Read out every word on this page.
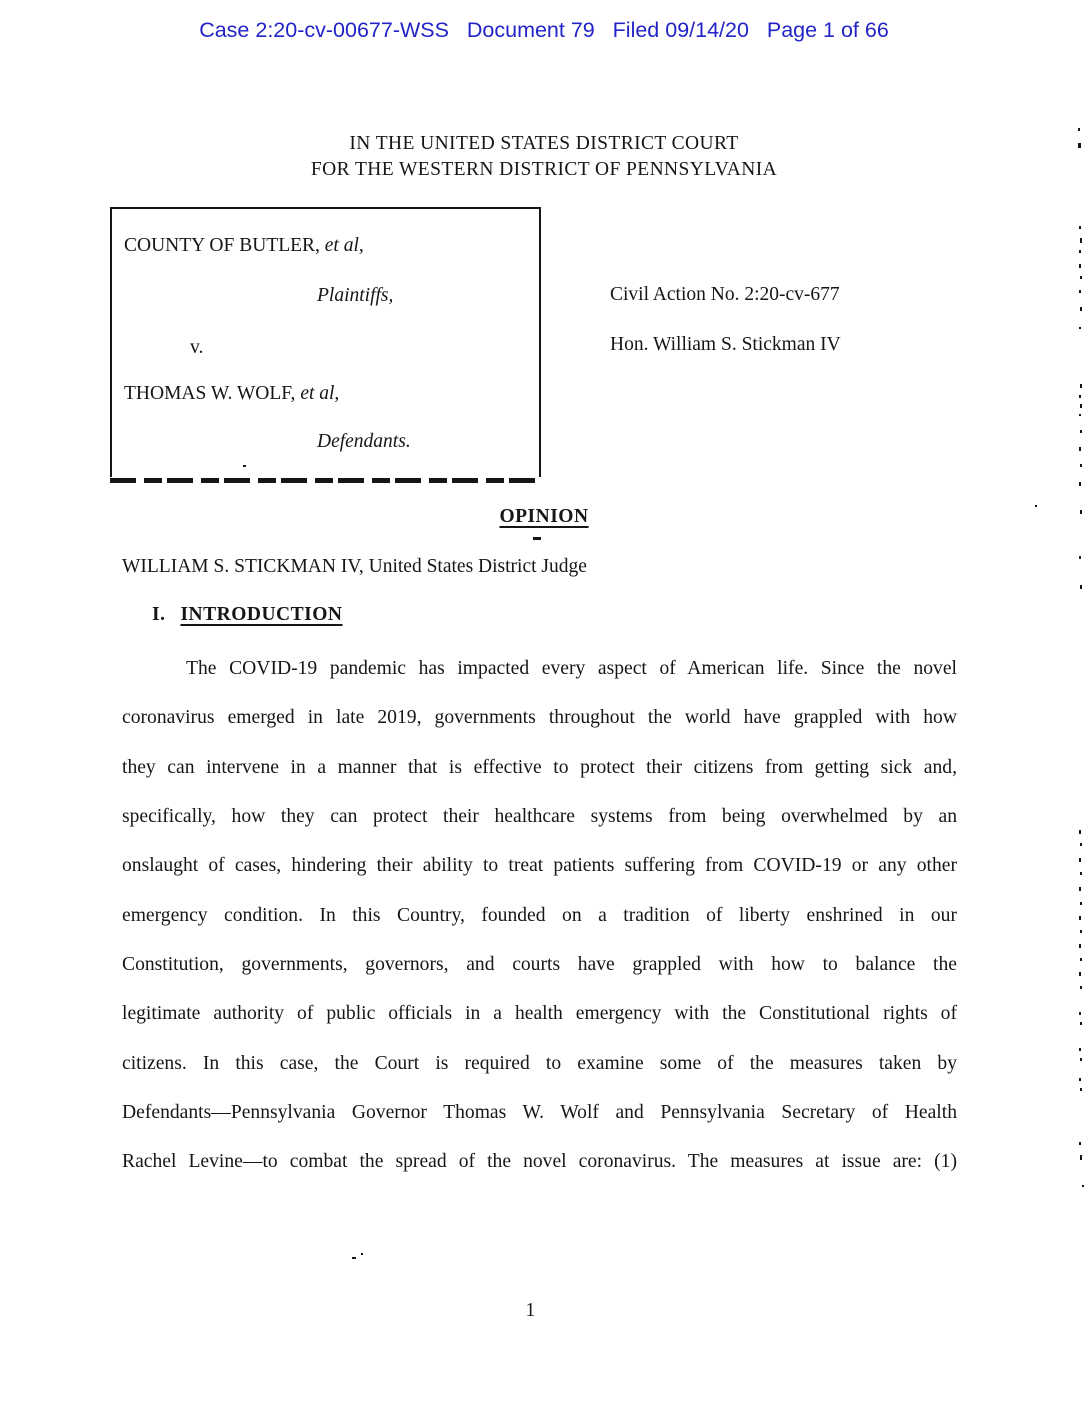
Case 2:20-cv-00677-WSS   Document 79   Filed 09/14/20   Page 1 of 66
IN THE UNITED STATES DISTRICT COURT
FOR THE WESTERN DISTRICT OF PENNSYLVANIA
COUNTY OF BUTLER, et al,
Plaintiffs,
v.
THOMAS W. WOLF, et al,
Defendants.
Civil Action No. 2:20-cv-677
Hon. William S. Stickman IV
OPINION
WILLIAM S. STICKMAN IV, United States District Judge
I. INTRODUCTION
The COVID-19 pandemic has impacted every aspect of American life. Since the novel
coronavirus emerged in late 2019, governments throughout the world have grappled with how
they can intervene in a manner that is effective to protect their citizens from getting sick and,
specifically, how they can protect their healthcare systems from being overwhelmed by an
onslaught of cases, hindering their ability to treat patients suffering from COVID-19 or any other
emergency condition. In this Country, founded on a tradition of liberty enshrined in our
Constitution, governments, governors, and courts have grappled with how to balance the
legitimate authority of public officials in a health emergency with the Constitutional rights of
citizens. In this case, the Court is required to examine some of the measures taken by
Defendants—Pennsylvania Governor Thomas W. Wolf and Pennsylvania Secretary of Health
Rachel Levine—to combat the spread of the novel coronavirus. The measures at issue are: (1)
1
